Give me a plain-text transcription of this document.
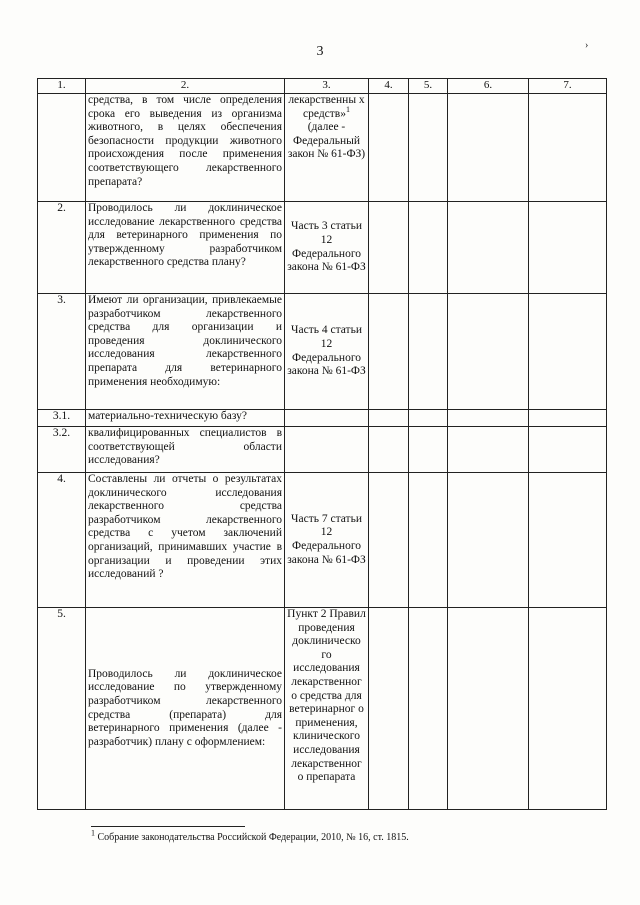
3	›
1.	2.	3.	4.	5.	6.	7.
	средства, в том числе определения срока его выведения из организма животного, в целях обеспечения безопасности продукции животного происхождения после применения соответствующего лекарственного препарата?	лекарственны х средств»$^1$ (далее - Федеральный закон № 61-ФЗ)				
2.	Проводилось ли доклиническое исследование лекарственного средства для ветеринарного применения по утвержденному разработчиком лекарственного средства плану?	Часть 3 статьи 12 Федерального закона № 61-ФЗ				
3.	Имеют ли организации, привлекаемые разработчиком лекарственного средства для организации и проведения доклинического исследования лекарственного препарата для ветеринарного применения необходимую:	Часть 4 статьи 12 Федерального закона № 61-ФЗ				
3.1.	материально-техническую базу?					
3.2.	квалифицированных специалистов в соответствующей области исследования?					
4.	Составлены ли отчеты о результатах доклинического исследования лекарственного средства разработчиком лекарственного средства с учетом заключений организаций, принимавших участие в организации и проведении этих исследований ?	Часть 7 статьи 12 Федерального закона № 61-ФЗ				
5.	Проводилось ли доклиническое исследование по утвержденному разработчиком лекарственного средства (препарата) для ветеринарного применения (далее - разработчик) плану с оформлением:	Пункт 2 Правил проведения доклиническо го исследования лекарственног о средства для ветеринарног о применения, клинического исследования лекарственног о препарата				
$^1$ Собрание законодательства Российской Федерации, 2010, № 16, ст. 1815.
